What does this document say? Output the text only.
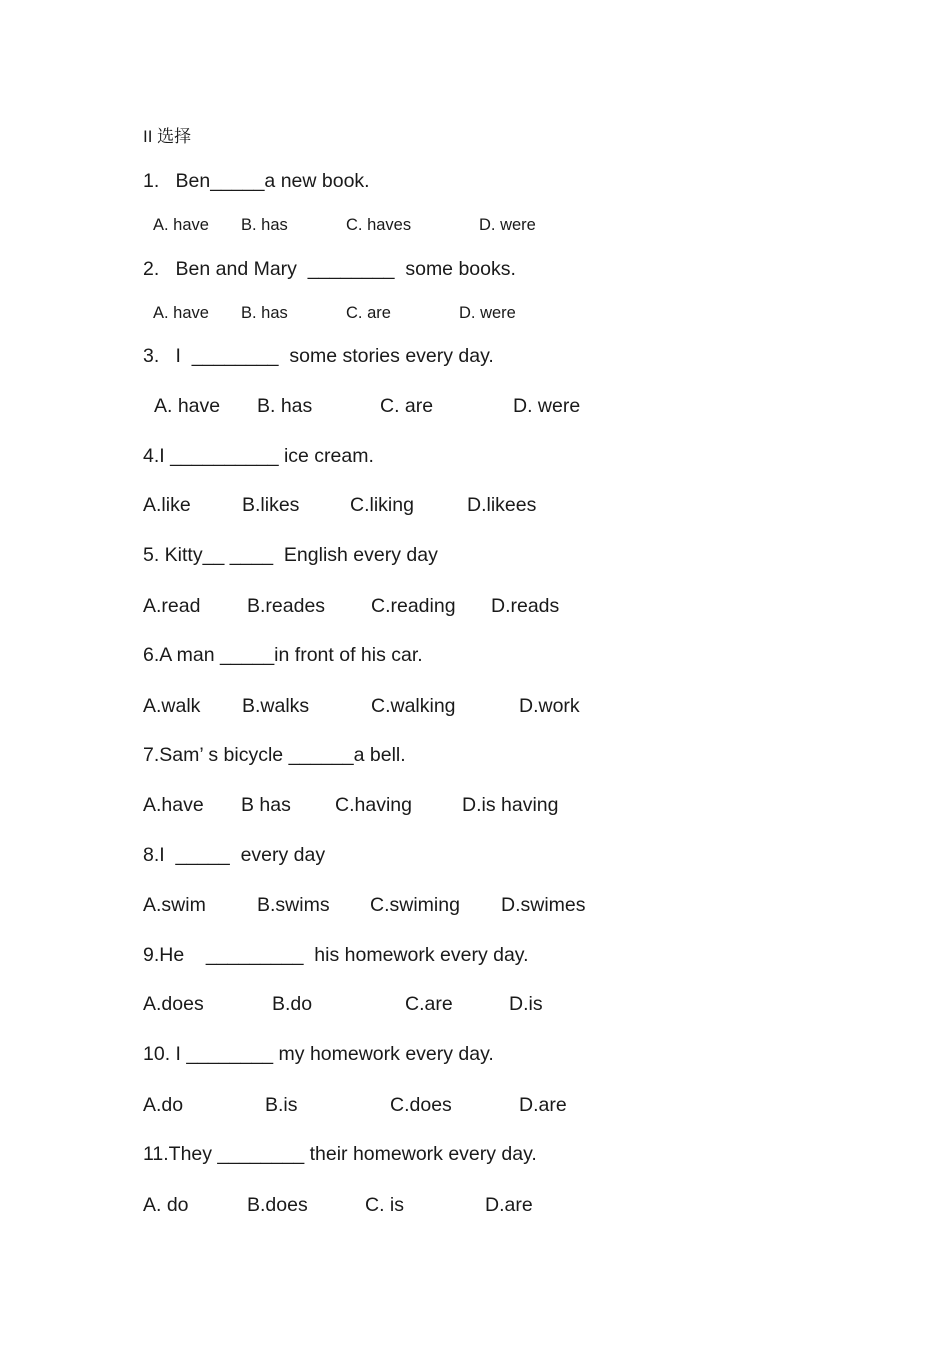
II 选择
1.   Ben_____a new book.
A. have B. has	C. haves	D. were
2.   Ben and Mary  ________  some books.
A. have B. has	C. are	D. were
3.   I  ________  some stories every day.
A. have B. has	C. are	D. were
4.I __________ ice cream.
A.like	B.likes	C.liking	D.likees
5. Kitty__ ____  English every day
A.read B.reades C.reading D.reads
6.A man _____in front of his car.
A.walk B.walks	C.walking	D.work
7.Sam’ s bicycle ______a bell.
A.have B has C.having	D.is having
8.I  _____  every day
A.swim	B.swims C.swiming D.swimes
9.He    _________  his homework every day.
A.does	B.do	C.are	D.is
10. I ________ my homework every day.
A.do	B.is	C.does	D.are
11.They ________ their homework every day.
A. do	B.does	C. is	D.are
